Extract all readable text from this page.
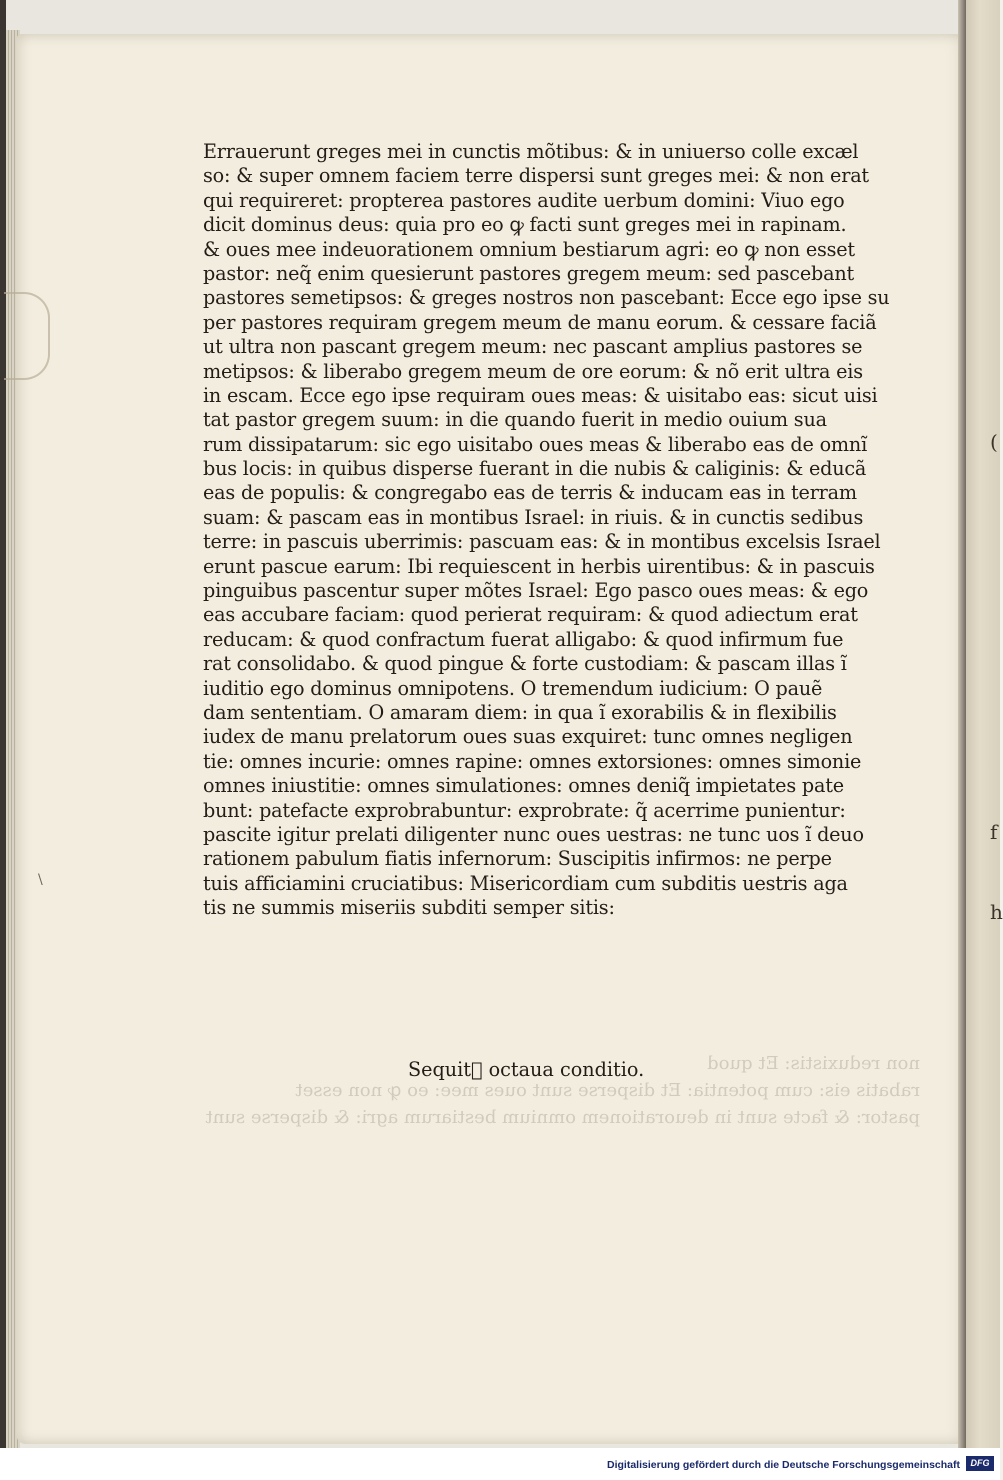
(
f
h
non reduxistis: Et quod
rabatis eis: cum potentia: Et disperse sunt oues mee: eo ꝙ non esset
pastor: & facte sunt in deuorationem omnium bestiarum agri: & disperse sunt
Errauerunt greges mei in cunctis mõtibus: & in uniuerso colle excæl
so: & super omnem faciem terre dispersi sunt greges mei: & non erat
qui requireret: propterea pastores audite uerbum domini: Viuo ego
dicit dominus deus: quia pro eo ꝙ facti sunt greges mei in rapinam.
& oues mee indeuorationem omnium bestiarum agri: eo ꝙ non esset
pastor: neq̃ enim quesierunt pastores gregem meum: sed pascebant
pastores semetipsos: & greges nostros non pascebant: Ecce ego ipse su
per pastores requiram gregem meum de manu eorum. & cessare faciã
ut ultra non pascant gregem meum: nec pascant amplius pastores se
metipsos: & liberabo gregem meum de ore eorum: & nõ erit ultra eis
in escam. Ecce ego ipse requiram oues meas: & uisitabo eas: sicut uisi
tat pastor gregem suum: in die quando fuerit in medio ouium sua
rum dissipatarum: sic ego uisitabo oues meas & liberabo eas de omnĩ
bus locis: in quibus disperse fuerant in die nubis & caliginis: & educã
eas de populis: & congregabo eas de terris & inducam eas in terram
suam: & pascam eas in montibus Israel: in riuis. & in cunctis sedibus
terre: in pascuis uberrimis: pascuam eas: & in montibus excelsis Israel
erunt pascue earum: Ibi requiescent in herbis uirentibus: & in pascuis
pinguibus pascentur super mõtes Israel: Ego pasco oues meas: & ego
eas accubare faciam: quod perierat requiram: & quod adiectum erat
reducam: & quod confractum fuerat alligabo: & quod infirmum fue
rat consolidabo. & quod pingue & forte custodiam: & pascam illas ĩ
iuditio ego dominus omnipotens. O tremendum iudicium: O pauẽ
dam sententiam. O amaram diem: in qua ĩ exorabilis & in flexibilis
iudex de manu prelatorum oues suas exquiret: tunc omnes negligen
tie: omnes incurie: omnes rapine: omnes extorsiones: omnes simonie
omnes iniustitie: omnes simulationes: omnes deniq̃ impietates pate
bunt: patefacte exprobrabuntur: exprobrate: q̃ acerrime punientur:
pascite igitur prelati diligenter nunc oues uestras: ne tunc uos ĩ deuo
rationem pabulum fiatis infernorum: Suscipitis infirmos: ne perpe
tuis afficiamini cruciatibus: Misericordiam cum subditis uestris aga
tis ne summis miseriis subditi semper sitis:
Sequit᷑ octaua conditio.
\
Digitalisierung gefördert durch die Deutsche Forschungsgemeinschaft	DFG
